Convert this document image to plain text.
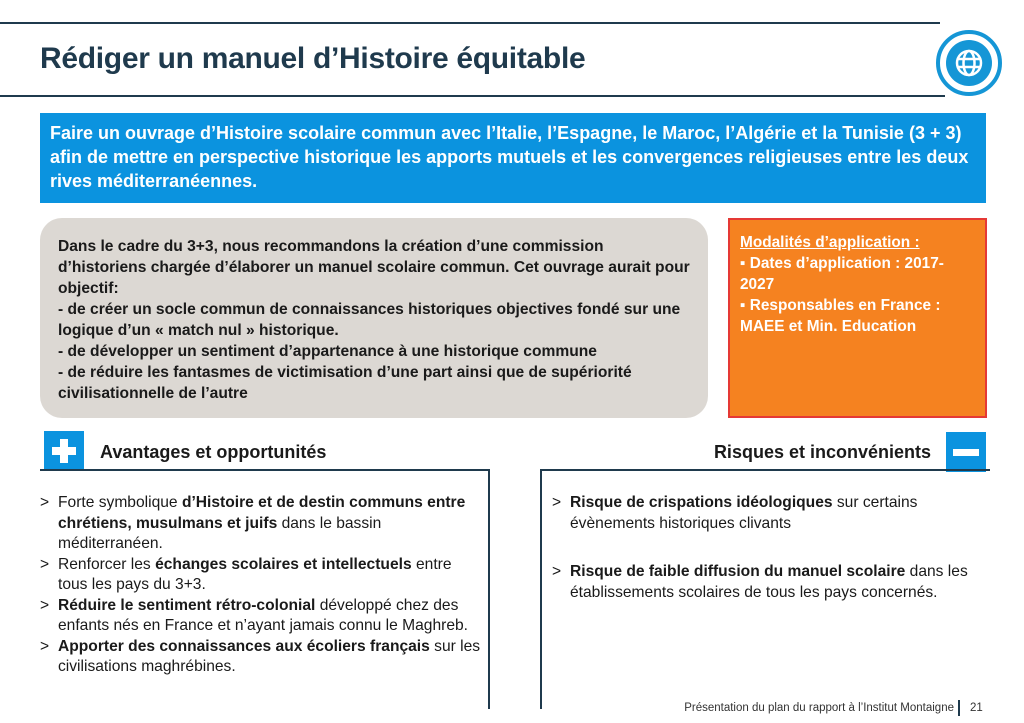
Rédiger un manuel d’Histoire équitable
Faire un ouvrage d’Histoire scolaire commun avec l’Italie, l’Espagne, le Maroc, l’Algérie et la Tunisie (3 + 3) afin de mettre en perspective historique les apports mutuels et les convergences religieuses entre les deux rives méditerranéennes.

Dans le cadre du 3+3, nous recommandons la création d’une commission d’historiens chargée d’élaborer un manuel scolaire commun. Cet ouvrage aurait pour objectif:

- de créer un socle commun de connaissances historiques objectives fondé sur une logique d’un « match nul » historique.

- de développer un sentiment d’appartenance à une historique commune

- de réduire les fantasmes de victimisation d’une part ainsi que de supériorité civilisationnelle de l’autre

Modalités d’application :
▪ Dates d’application : 2017-2027
▪ Responsables en France : MAEE et Min. Education
Avantages et opportunités	Risques et inconvénients
> Forte symbolique d’Histoire et de destin communs entre chrétiens, musulmans et juifs dans le bassin méditerranéen.
> Renforcer les échanges scolaires et intellectuels entre tous les pays du 3+3.
> Réduire le sentiment rétro-colonial développé chez des enfants nés en France et n’ayant jamais connu le Maghreb.
> Apporter des connaissances aux écoliers français sur les civilisations maghrébines.
> Risque de crispations idéologiques sur certains évènements historiques clivants
> Risque de faible diffusion du manuel scolaire dans les établissements scolaires de tous les pays concernés.
Présentation du plan du rapport à l’Institut Montaigne 21
